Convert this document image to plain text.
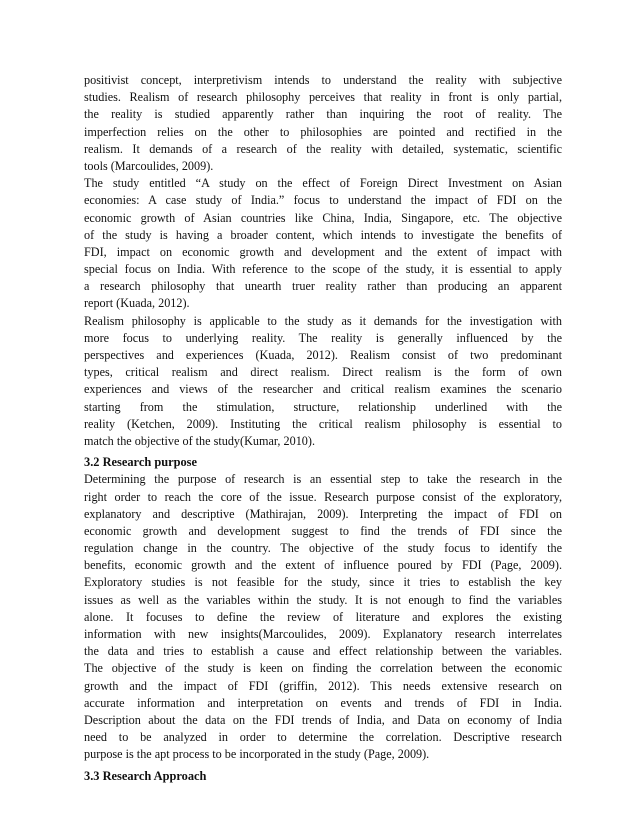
positivist concept, interpretivism intends to understand the reality with subjective
studies. Realism of research philosophy perceives that reality in front is only partial,
the reality is studied apparently rather than inquiring the root of reality. The
imperfection relies on the other to philosophies are pointed and rectified in the
realism. It demands of a research of the reality with detailed, systematic, scientific
tools (Marcoulides, 2009).
The study entitled “A study on the effect of Foreign Direct Investment on Asian
economies: A case study of India.” focus to understand the impact of FDI on the
economic growth of Asian countries like China, India, Singapore, etc. The objective
of the study is having a broader content, which intends to investigate the benefits of
FDI, impact on economic growth and development and the extent of impact with
special focus on India. With reference to the scope of the study, it is essential to apply
a research philosophy that unearth truer reality rather than producing an apparent
report (Kuada, 2012).
Realism philosophy is applicable to the study as it demands for the investigation with
more focus to underlying reality. The reality is generally influenced by the
perspectives and experiences (Kuada, 2012). Realism consist of two predominant
types, critical realism and direct realism. Direct realism is the form of own
experiences and views of the researcher and critical realism examines the scenario
starting from the stimulation, structure, relationship underlined with the
reality (Ketchen, 2009). Instituting the critical realism philosophy is essential to
match the objective of the study(Kumar, 2010).
3.2 Research purpose
Determining the purpose of research is an essential step to take the research in the
right order to reach the core of the issue. Research purpose consist of the exploratory,
explanatory and descriptive (Mathirajan, 2009). Interpreting the impact of FDI on
economic growth and development suggest to find the trends of FDI since the
regulation change in the country. The objective of the study focus to identify the
benefits, economic growth and the extent of influence poured by FDI (Page, 2009).
Exploratory studies is not feasible for the study, since it tries to establish the key
issues as well as the variables within the study. It is not enough to find the variables
alone. It focuses to define the review of literature and explores the existing
information with new insights(Marcoulides, 2009). Explanatory research interrelates
the data and tries to establish a cause and effect relationship between the variables.
The objective of the study is keen on finding the correlation between the economic
growth and the impact of FDI (griffin, 2012). This needs extensive research on
accurate information and interpretation on events and trends of FDI in India.
Description about the data on the FDI trends of India, and Data on economy of India
need to be analyzed in order to determine the correlation. Descriptive research
purpose is the apt process to be incorporated in the study (Page, 2009).
3.3 Research Approach
